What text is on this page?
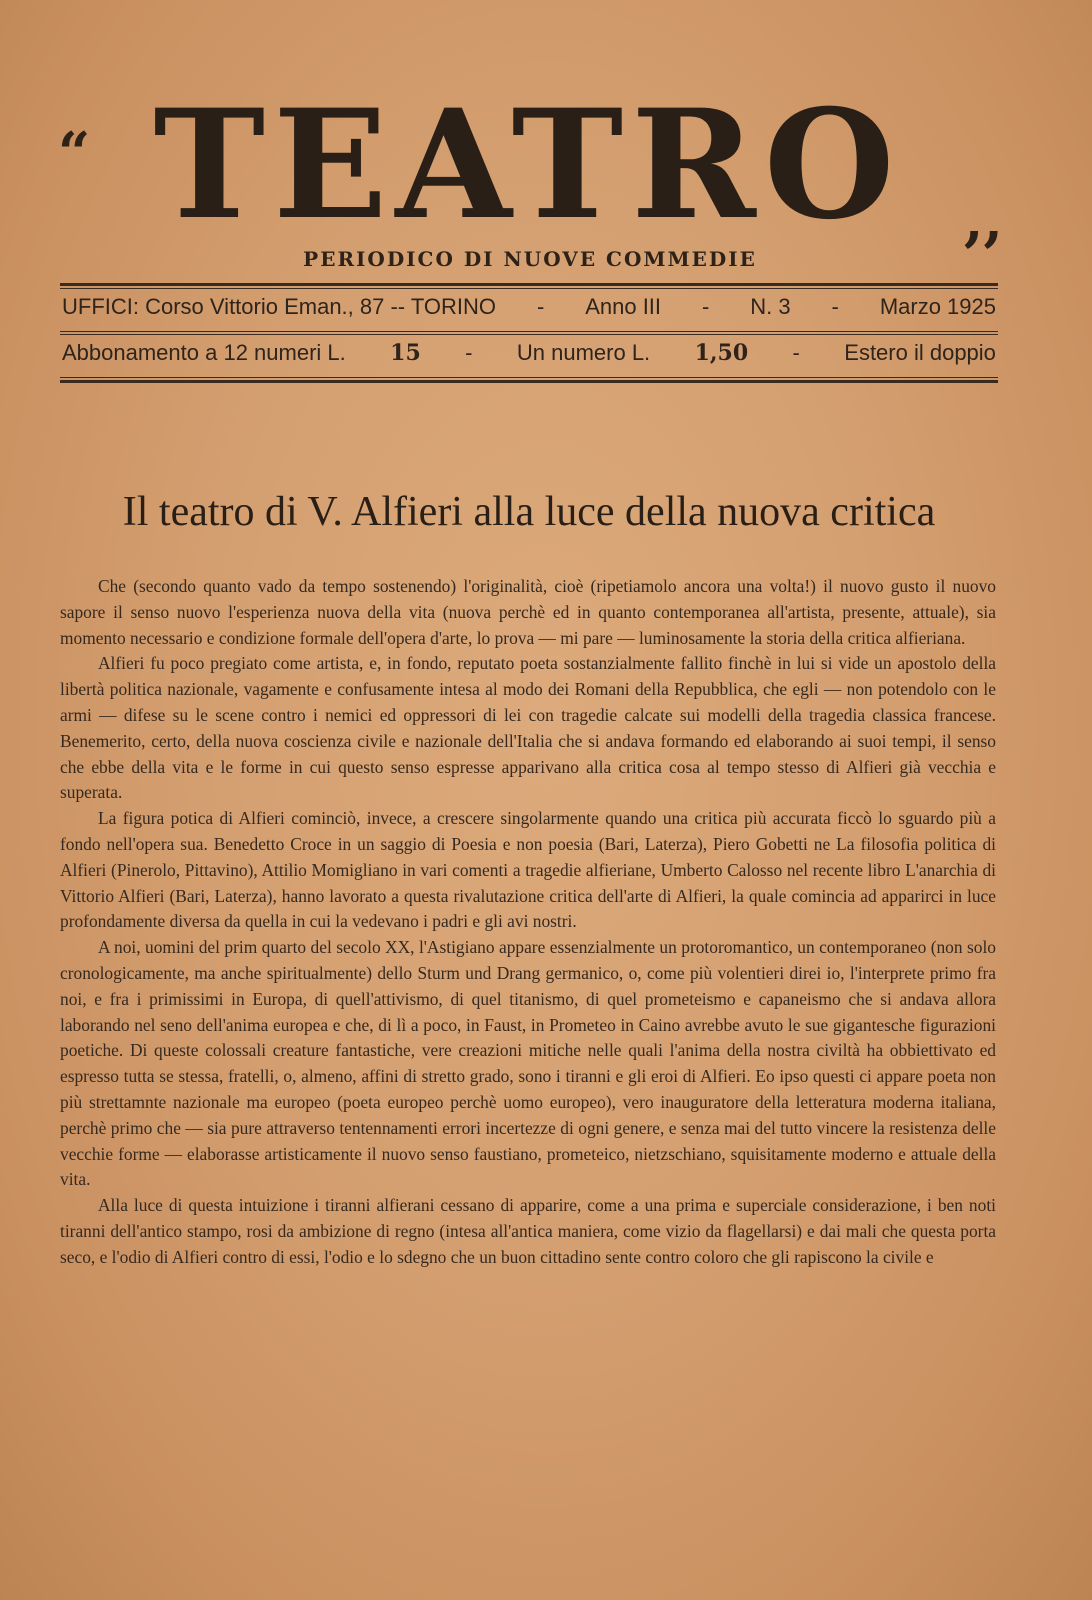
“ TEATRO	,,
PERIODICO DI NUOVE COMMEDIE
UFFICI: Corso Vittorio Eman., 87 -- TORINO - Anno III - N. 3 - Marzo 1925
Abbonamento a 12 numeri L. 15 - Un numero L. 1,50 - Estero il doppio
Il teatro di V. Alfieri alla luce della nuova critica

Che (secondo quanto vado da tempo sostenendo) l'originalità, cioè (ripetiamolo ancora una volta!) il nuovo gusto il nuovo sapore il senso nuovo l'esperienza nuova della vita (nuova perchè ed in quanto contemporanea all'artista, presente, attuale), sia momento necessario e condizione formale dell'opera d'arte, lo prova — mi pare — luminosamente la storia della critica alfieriana.

Alfieri fu poco pregiato come artista, e, in fondo, reputato poeta sostanzialmente fallito finchè in lui si vide un apostolo della libertà politica nazionale, vagamente e confusamente intesa al modo dei Romani della Repubblica, che egli — non potendolo con le armi — difese su le scene contro i nemici ed oppressori di lei con tragedie calcate sui modelli della tragedia classica francese. Benemerito, certo, della nuova coscienza civile e nazionale dell'Italia che si andava formando ed elaborando ai suoi tempi, il senso che ebbe della vita e le forme in cui questo senso espresse apparivano alla critica cosa al tempo stesso di Alfieri già vecchia e superata.

La figura potica di Alfieri cominciò, invece, a crescere singolarmente quando una critica più accurata ficcò lo sguardo più a fondo nell'opera sua. Benedetto Croce in un saggio di Poesia e non poesia (Bari, Laterza), Piero Gobetti ne La filosofia politica di Alfieri (Pinerolo, Pittavino), Attilio Momigliano in vari comenti a tragedie alfieriane, Umberto Calosso nel recente libro L'anarchia di Vittorio Alfieri (Bari, Laterza), hanno lavorato a questa rivalutazione critica dell'arte di Alfieri, la quale comincia ad apparirci in luce profondamente diversa da quella in cui la vedevano i padri e gli avi nostri.

A noi, uomini del prim quarto del secolo XX, l'Astigiano appare essenzialmente un protoromantico, un contemporaneo (non solo cronologicamente, ma anche spiritualmente) dello Sturm und Drang germanico, o, come più volentieri direi io, l'interprete primo fra noi, e fra i primissimi in Europa, di quell'attivismo, di quel titanismo, di quel prometeismo e capaneismo che si andava allora laborando nel seno dell'anima europea e che, di lì a poco, in Faust, in Prometeo in Caino avrebbe avuto le sue gigantesche figurazioni poetiche. Di queste colossali creature fantastiche, vere creazioni mitiche nelle quali l'anima della nostra civiltà ha obbiettivato ed espresso tutta se stessa, fratelli, o, almeno, affini di stretto grado, sono i tiranni e gli eroi di Alfieri. Eo ipso questi ci appare poeta non più strettamnte nazionale ma europeo (poeta europeo perchè uomo europeo), vero inauguratore della letteratura moderna italiana, perchè primo che — sia pure attraverso tentennamenti errori incertezze di ogni genere, e senza mai del tutto vincere la resistenza delle vecchie forme — elaborasse artisticamente il nuovo senso faustiano, prometeico, nietzschiano, squisitamente moderno e attuale della vita.

Alla luce di questa intuizione i tiranni alfierani cessano di apparire, come a una prima e superciale considerazione, i ben noti tiranni dell'antico stampo, rosi da ambizione di regno (intesa all'antica maniera, come vizio da flagellarsi) e dai mali che questa porta seco, e l'odio di Alfieri contro di essi, l'odio e lo sdegno che un buon cittadino sente contro coloro che gli rapiscono la civile e
